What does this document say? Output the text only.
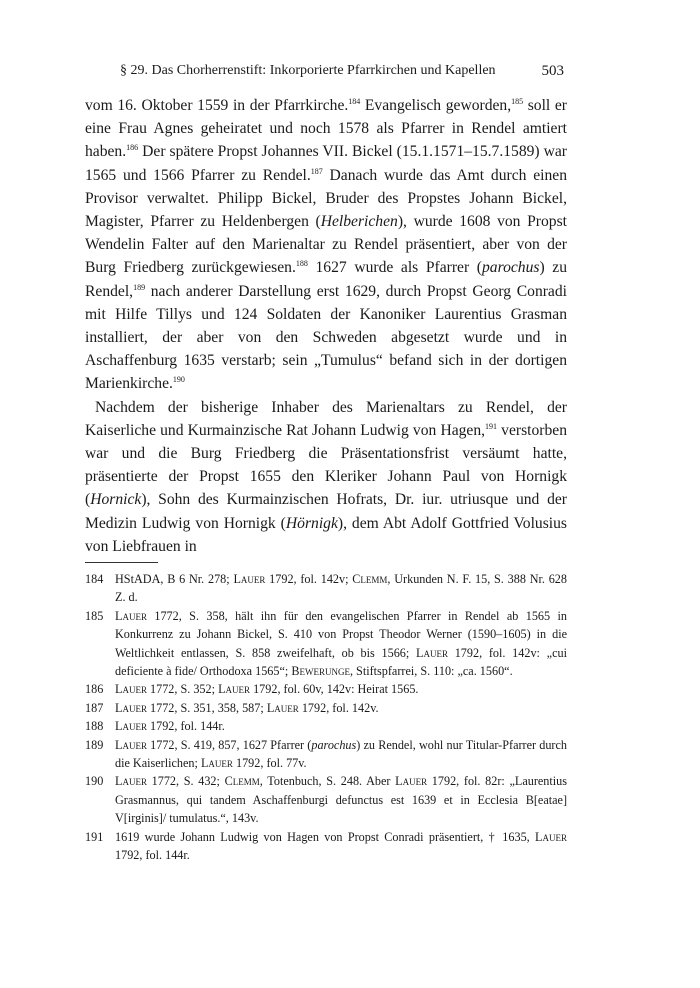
§ 29. Das Chorherrenstift: Inkorporierte Pfarrkirchen und Kapellen	503

vom 16. Oktober 1559 in der Pfarrkirche.$^{184}$ Evangelisch geworden,$^{185}$ soll er eine Frau Agnes geheiratet und noch 1578 als Pfarrer in Rendel amtiert haben.$^{186}$ Der spätere Propst Johannes VII. Bickel (15.1.1571–15.7.1589) war 1565 und 1566 Pfarrer zu Rendel.$^{187}$ Danach wurde das Amt durch einen Provisor verwaltet. Philipp Bickel, Bruder des Propstes Johann Bickel, Magister, Pfarrer zu Heldenbergen (Helberichen), wurde 1608 von Propst Wendelin Falter auf den Marienaltar zu Rendel präsentiert, aber von der Burg Friedberg zurückgewiesen.$^{188}$ 1627 wurde als Pfarrer (parochus) zu Rendel,$^{189}$ nach anderer Darstellung erst 1629, durch Propst Georg Conradi mit Hilfe Tillys und 124 Soldaten der Kanoniker Laurentius Grasman installiert, der aber von den Schweden abgesetzt wurde und in Aschaffenburg 1635 verstarb; sein „Tumulus“ befand sich in der dortigen Marienkirche.$^{190}$

Nachdem der bisherige Inhaber des Marienaltars zu Rendel, der Kaiserliche und Kurmainzische Rat Johann Ludwig von Hagen,$^{191}$ verstorben war und die Burg Friedberg die Präsentationsfrist versäumt hatte, präsentierte der Propst 1655 den Kleriker Johann Paul von Hornigk (Hornick), Sohn des Kurmainzischen Hofrats, Dr. iur. utriusque und der Medizin Ludwig von Hornigk (Hörnigk), dem Abt Adolf Gottfried Volusius von Liebfrauen in

184 HStADA, B 6 Nr. 278; Lauer 1792, fol. 142v; Clemm, Urkunden N. F. 15, S. 388 Nr. 628 Z. d.
185 Lauer 1772, S. 358, hält ihn für den evangelischen Pfarrer in Rendel ab 1565 in Konkurrenz zu Johann Bickel, S. 410 von Propst Theodor Werner (1590–1605) in die Weltlichkeit entlassen, S. 858 zweifelhaft, ob bis 1566; Lauer 1792, fol. 142v: „cui deficiente à fide/ Orthodoxa 1565“; Bewerunge, Stiftspfarrei, S. 110: „ca. 1560“.
186 Lauer 1772, S. 352; Lauer 1792, fol. 60v, 142v: Heirat 1565.
187 Lauer 1772, S. 351, 358, 587; Lauer 1792, fol. 142v.
188 Lauer 1792, fol. 144r.
189 Lauer 1772, S. 419, 857, 1627 Pfarrer (parochus) zu Rendel, wohl nur Titular-Pfarrer durch die Kaiserlichen; Lauer 1792, fol. 77v.
190 Lauer 1772, S. 432; Clemm, Totenbuch, S. 248. Aber Lauer 1792, fol. 82r: „Laurentius Grasmannus, qui tandem Aschaffenburgi defunctus est 1639 et in Ecclesia B[eatae] V[irginis]/ tumulatus.“, 143v.
191 1619 wurde Johann Ludwig von Hagen von Propst Conradi präsentiert, † 1635, Lauer 1792, fol. 144r.
